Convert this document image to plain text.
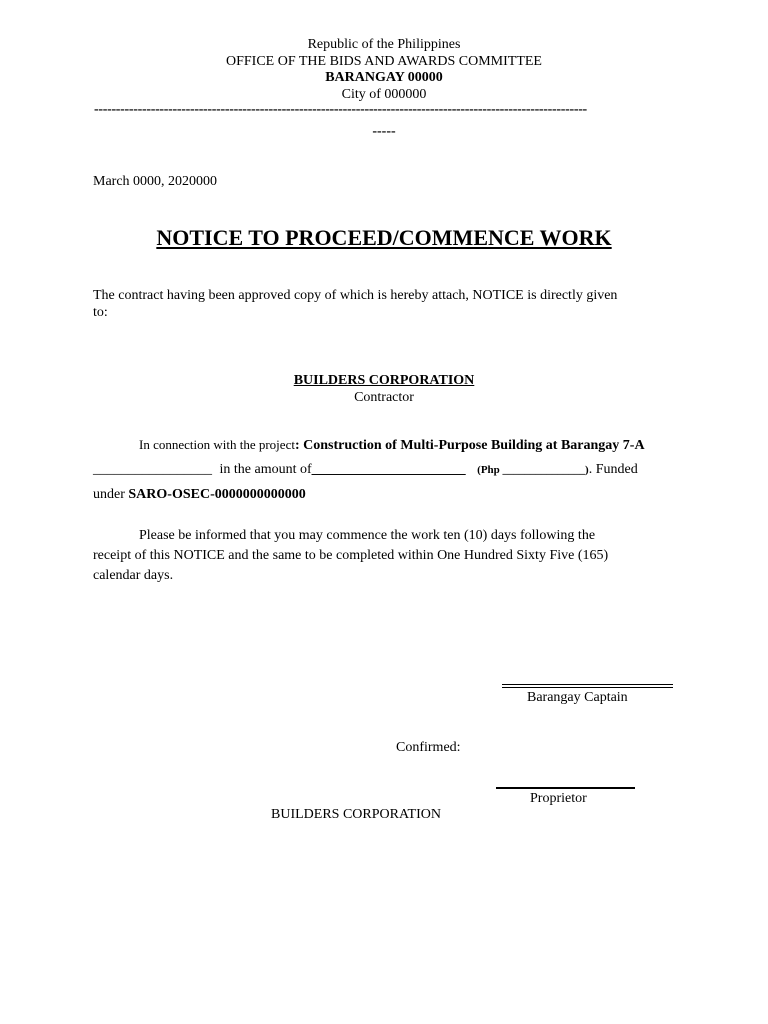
Republic of the Philippines
OFFICE OF THE BIDS AND AWARDS COMMITTEE
BARANGAY 00000
City of 000000
-----------------------------------------------------------------------------------------------------------------
-----
March 0000, 2020000
NOTICE TO PROCEED/COMMENCE WORK
The contract having been approved copy of which is hereby attach, NOTICE is directly given
to:
BUILDERS CORPORATION
Contractor
In connection with the project: Construction of Multi-Purpose Building at Barangay 7-A
_________________ in the amount of______________________ (Php _______________). Funded
under SARO-OSEC-0000000000000
Please be informed that you may commence the work ten (10) days following the
receipt of this NOTICE and the same to be completed within One Hundred Sixty Five (165)
calendar days.
Barangay Captain
Confirmed:
Proprietor
BUILDERS CORPORATION
